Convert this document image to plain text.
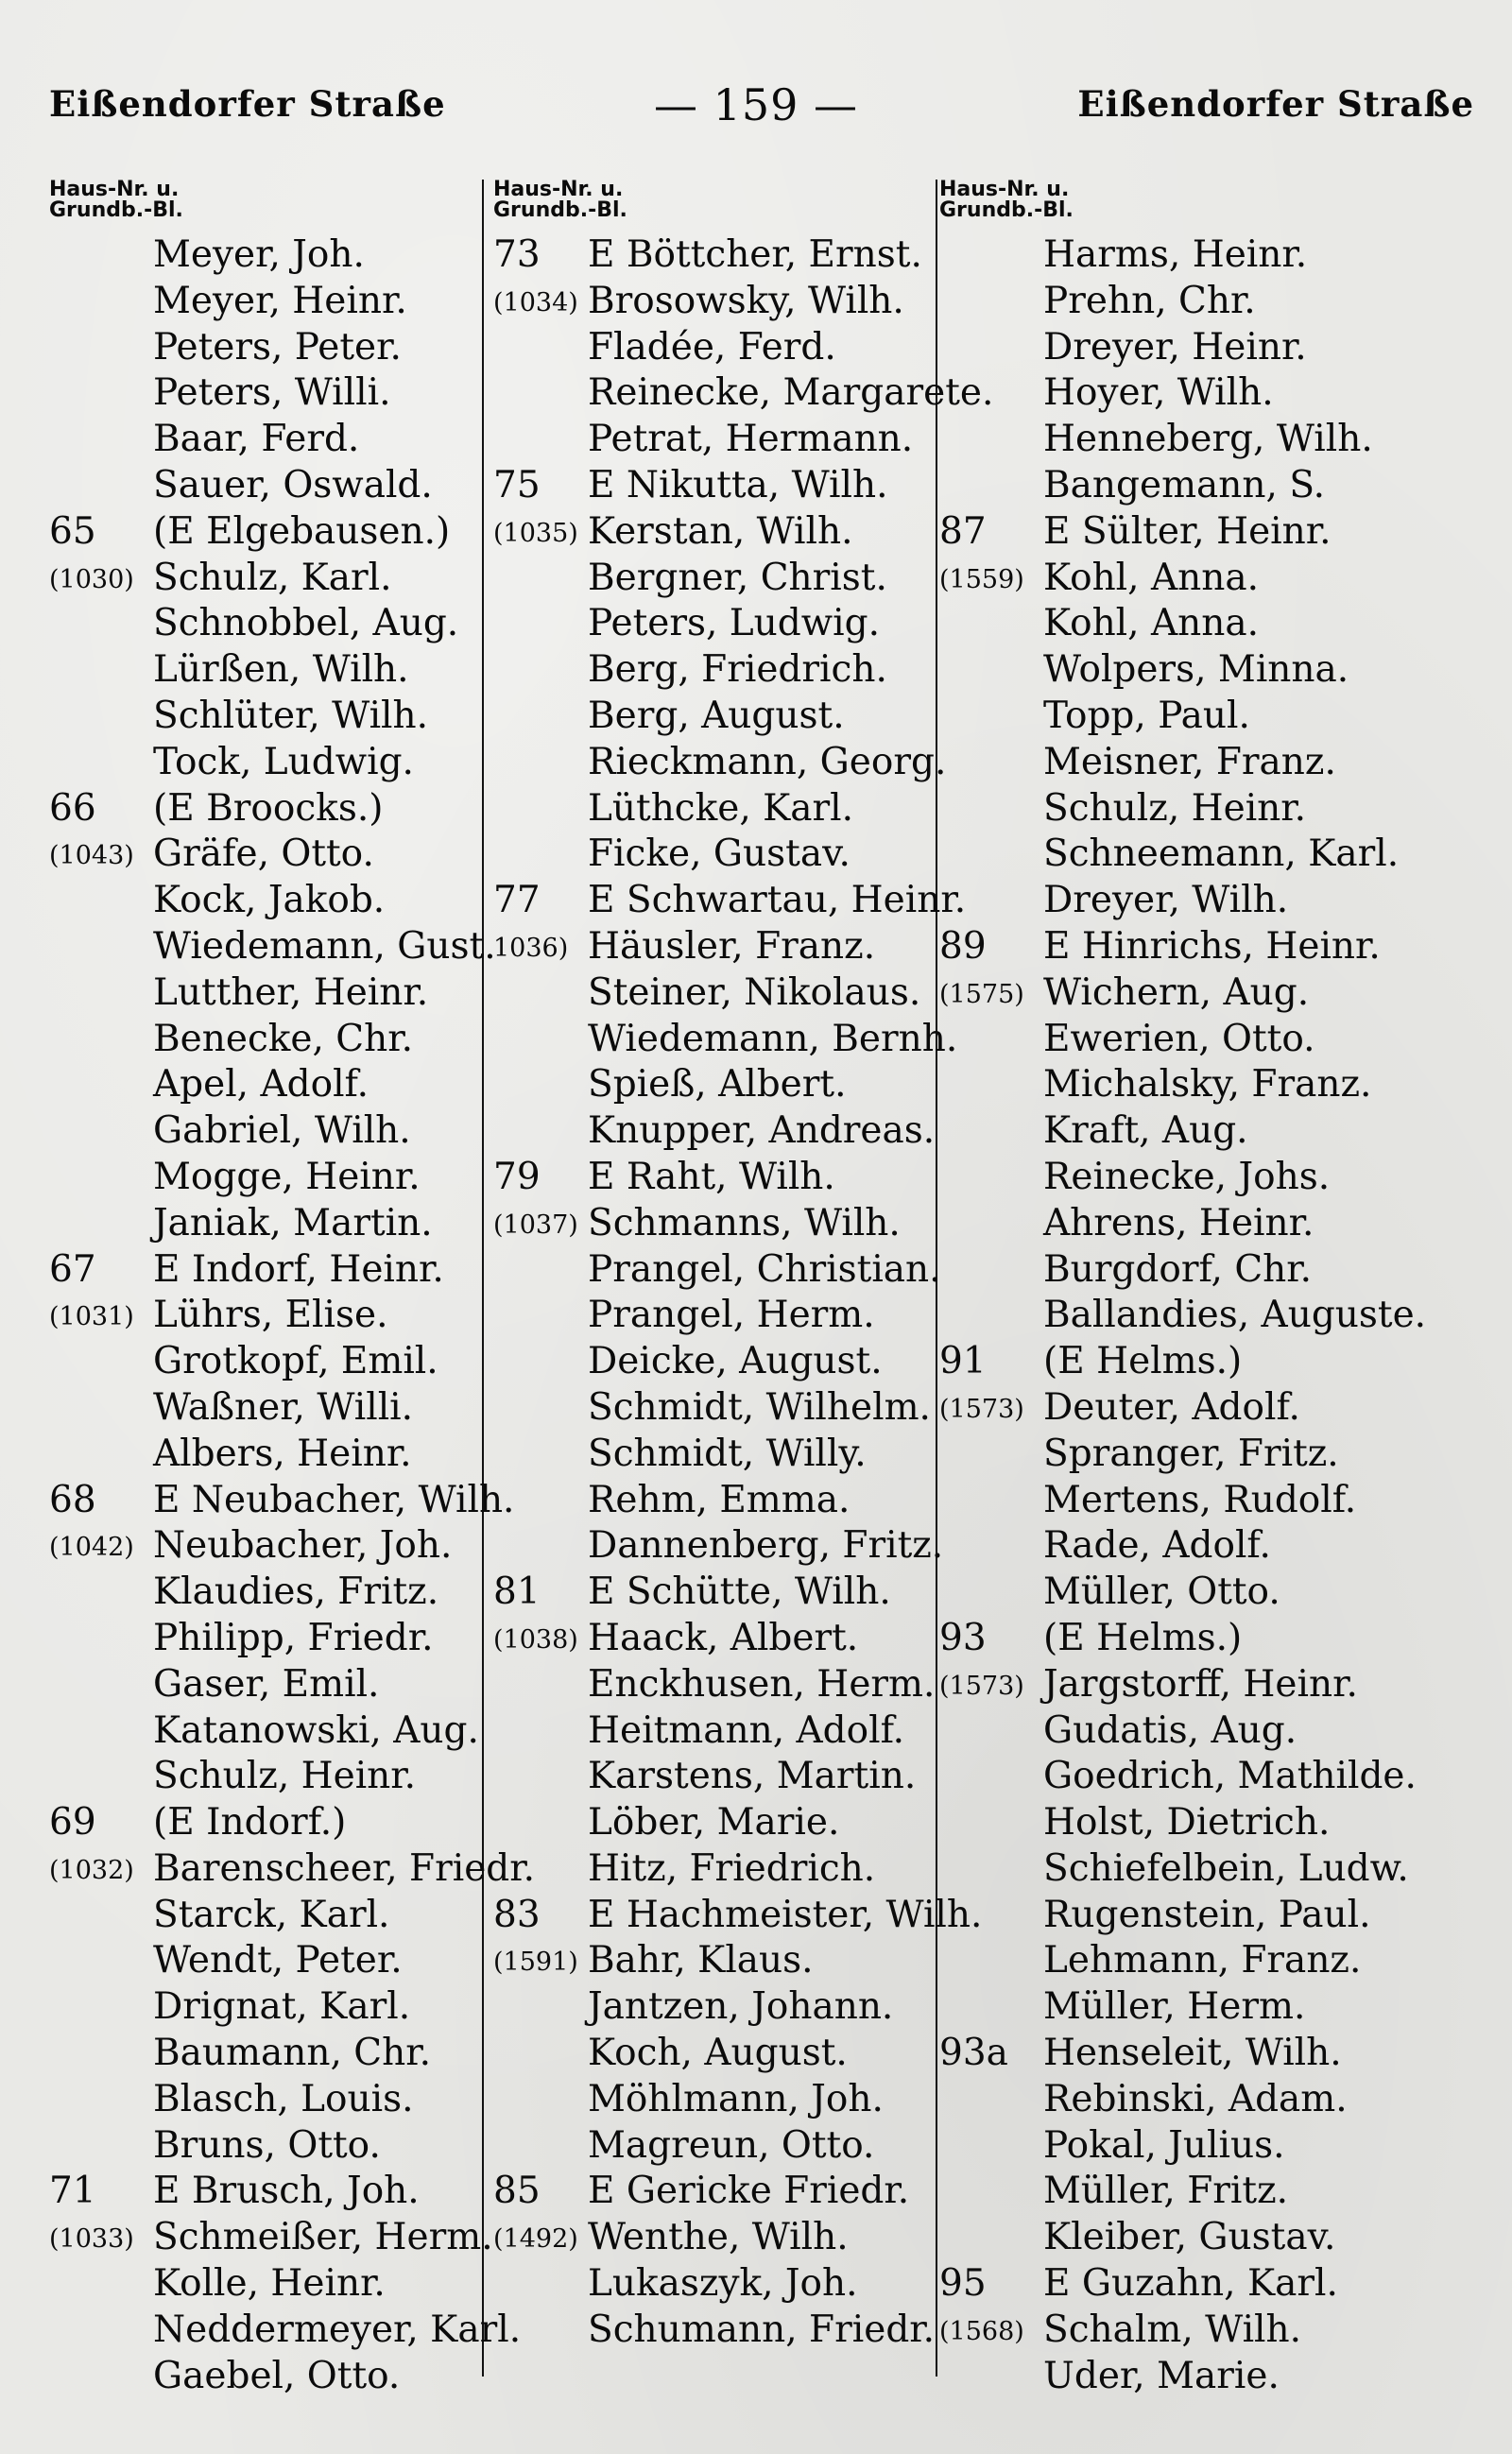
Eißendorfer Straße	— 159 —	Eißendorfer Straße
Haus-Nr. u.
Grundb.-Bl.
Meyer, Joh.
Meyer, Heinr.
Peters, Peter.
Peters, Willi.
Baar, Ferd.
Sauer, Oswald.
65 (E Elgebausen.)
(1030) Schulz, Karl.
Schnobbel, Aug.
Lürßen, Wilh.
Schlüter, Wilh.
Tock, Ludwig.
66 (E Broocks.)
(1043) Gräfe, Otto.
Kock, Jakob.
Wiedemann, Gust.
Lutther, Heinr.
Benecke, Chr.
Apel, Adolf.
Gabriel, Wilh.
Mogge, Heinr.
Janiak, Martin.
67 E Indorf, Heinr.
(1031) Lührs, Elise.
Grotkopf, Emil.
Waßner, Willi.
Albers, Heinr.
68 E Neubacher, Wilh.
(1042) Neubacher, Joh.
Klaudies, Fritz.
Philipp, Friedr.
Gaser, Emil.
Katanowski, Aug.
Schulz, Heinr.
69 (E Indorf.)
(1032) Barenscheer, Friedr.
Starck, Karl.
Wendt, Peter.
Drignat, Karl.
Baumann, Chr.
Blasch, Louis.
Bruns, Otto.
71 E Brusch, Joh.
(1033) Schmeißer, Herm.
Kolle, Heinr.
Neddermeyer, Karl.
Gaebel, Otto.
Haus-Nr. u.
Grundb.-Bl.
73 E Böttcher, Ernst.
(1034) Brosowsky, Wilh.
Fladée, Ferd.
Reinecke, Margarete.
Petrat, Hermann.
75 E Nikutta, Wilh.
(1035) Kerstan, Wilh.
Bergner, Christ.
Peters, Ludwig.
Berg, Friedrich.
Berg, August.
Rieckmann, Georg.
Lüthcke, Karl.
Ficke, Gustav.
77 E Schwartau, Heinr.
1036) Häusler, Franz.
Steiner, Nikolaus.
Wiedemann, Bernh.
Spieß, Albert.
Knupper, Andreas.
79 E Raht, Wilh.
(1037) Schmanns, Wilh.
Prangel, Christian.
Prangel, Herm.
Deicke, August.
Schmidt, Wilhelm.
Schmidt, Willy.
Rehm, Emma.
Dannenberg, Fritz.
81 E Schütte, Wilh.
(1038) Haack, Albert.
Enckhusen, Herm.
Heitmann, Adolf.
Karstens, Martin.
Löber, Marie.
Hitz, Friedrich.
83 E Hachmeister, Wilh.
(1591) Bahr, Klaus.
Jantzen, Johann.
Koch, August.
Möhlmann, Joh.
Magreun, Otto.
85 E Gericke Friedr.
(1492) Wenthe, Wilh.
Lukaszyk, Joh.
Schumann, Friedr.
Haus-Nr. u.
Grundb.-Bl.
Harms, Heinr.
Prehn, Chr.
Dreyer, Heinr.
Hoyer, Wilh.
Henneberg, Wilh.
Bangemann, S.
87 E Sülter, Heinr.
(1559) Kohl, Anna.
Kohl, Anna.
Wolpers, Minna.
Topp, Paul.
Meisner, Franz.
Schulz, Heinr.
Schneemann, Karl.
Dreyer, Wilh.
89 E Hinrichs, Heinr.
(1575) Wichern, Aug.
Ewerien, Otto.
Michalsky, Franz.
Kraft, Aug.
Reinecke, Johs.
Ahrens, Heinr.
Burgdorf, Chr.
Ballandies, Auguste.
91 (E Helms.)
(1573) Deuter, Adolf.
Spranger, Fritz.
Mertens, Rudolf.
Rade, Adolf.
Müller, Otto.
93 (E Helms.)
(1573) Jargstorff, Heinr.
Gudatis, Aug.
Goedrich, Mathilde.
Holst, Dietrich.
Schiefelbein, Ludw.
Rugenstein, Paul.
Lehmann, Franz.
Müller, Herm.
93a Henseleit, Wilh.
Rebinski, Adam.
Pokal, Julius.
Müller, Fritz.
Kleiber, Gustav.
95 E Guzahn, Karl.
(1568) Schalm, Wilh.
Uder, Marie.
